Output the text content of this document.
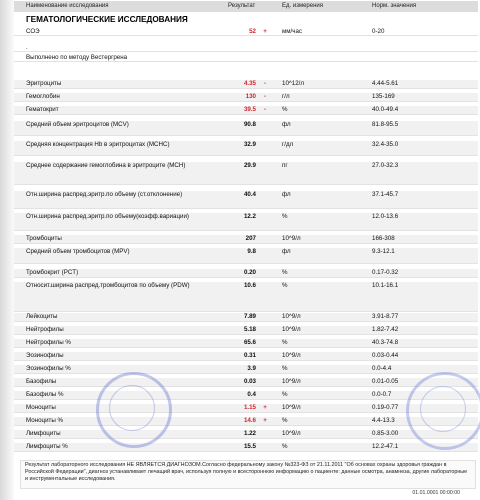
Наименование исследования	Результат	Ед. измерения	Норм. значения
ГЕМАТОЛОГИЧЕСКИЕ ИССЛЕДОВАНИЯ
СОЭ	52	+	мм/час	0-20
.
Выполнено по методу Вестергрена
Эритроциты	4.35	-	10^12/л	4.44-5.61
Гемоглобин	130	-	г/л	135-169
Гематокрит	39.5	-	%	40.0-49.4
Средний объем эритроцитов (MCV)	90.8	фл	81.8-95.5
Средняя концентрация Hb в эритроцитах (MCHC)	32.9	г/дл	32.4-35.0
Среднее содержание гемоглобина в эритроците (MCH)	29.9	пг	27.0-32.3
Отн.ширина распред.эритр.по объему (ст.отклонение)	40.4	фл	37.1-45.7
Отн.ширина распред.эритр.по объему(коэфф.вариации)	12.2	%	12.0-13.6
Тромбоциты	207	10^9/л	166-308
Средний объем тромбоцитов (MPV)	9.8	фл	9.3-12.1
Тромбокрит (PCT)	0.20	%	0.17-0.32
Относит.ширина распред.тромбоцитов по объему (PDW)	10.6	%	10.1-16.1
Лейкоциты	7.89	10^9/л	3.91-8.77
Нейтрофилы	5.18	10^9/л	1.82-7.42
Нейтрофилы %	65.6	%	40.3-74.8
Эозинофилы	0.31	10^9/л	0.03-0.44
Эозинофилы %	3.9	%	0.0-4.4
Базофилы	0.03	10^9/л	0.01-0.05
Базофилы %	0.4	%	0.0-0.7
Моноциты	1.15	+	10^9/л	0.19-0.77
Моноциты %	14.6	+	%	4.4-13.3
Лимфоциты	1.22	10^9/л	0.85-3.00
Лимфоциты %	15.5	%	12.2-47.1
Результат лабораторного исследования НЕ ЯВЛЯЕТСЯ ДИАГНОЗОМ.Согласно федеральному закону №323-ФЗ от 21.11.2011 "Об основах охраны здоровья граждан в Российской Федерации", диагноз устанавливает лечащий врач, используя полную и всестороннюю информацию о пациенте: данные осмотра, анамнеза, другие лабораторные и инструментальные исследования.
01.01.0001 00:00:00
